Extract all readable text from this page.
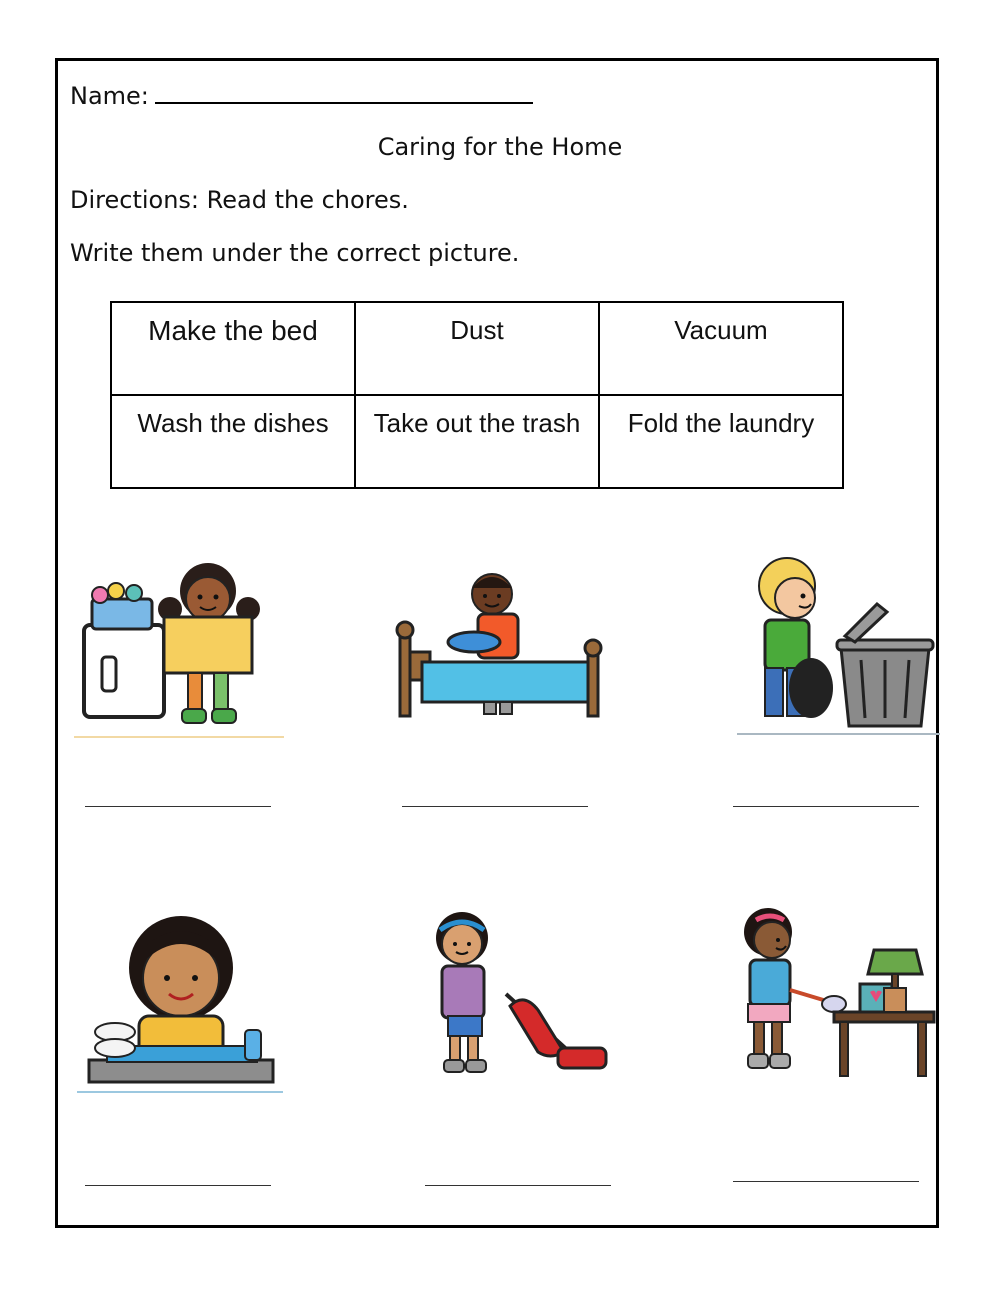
Name:
Caring for the Home
Directions: Read the chores.
Write them under the correct picture.
Make the bed	Dust	Vacuum
Wash the dishes	Take out the trash	Fold the laundry
